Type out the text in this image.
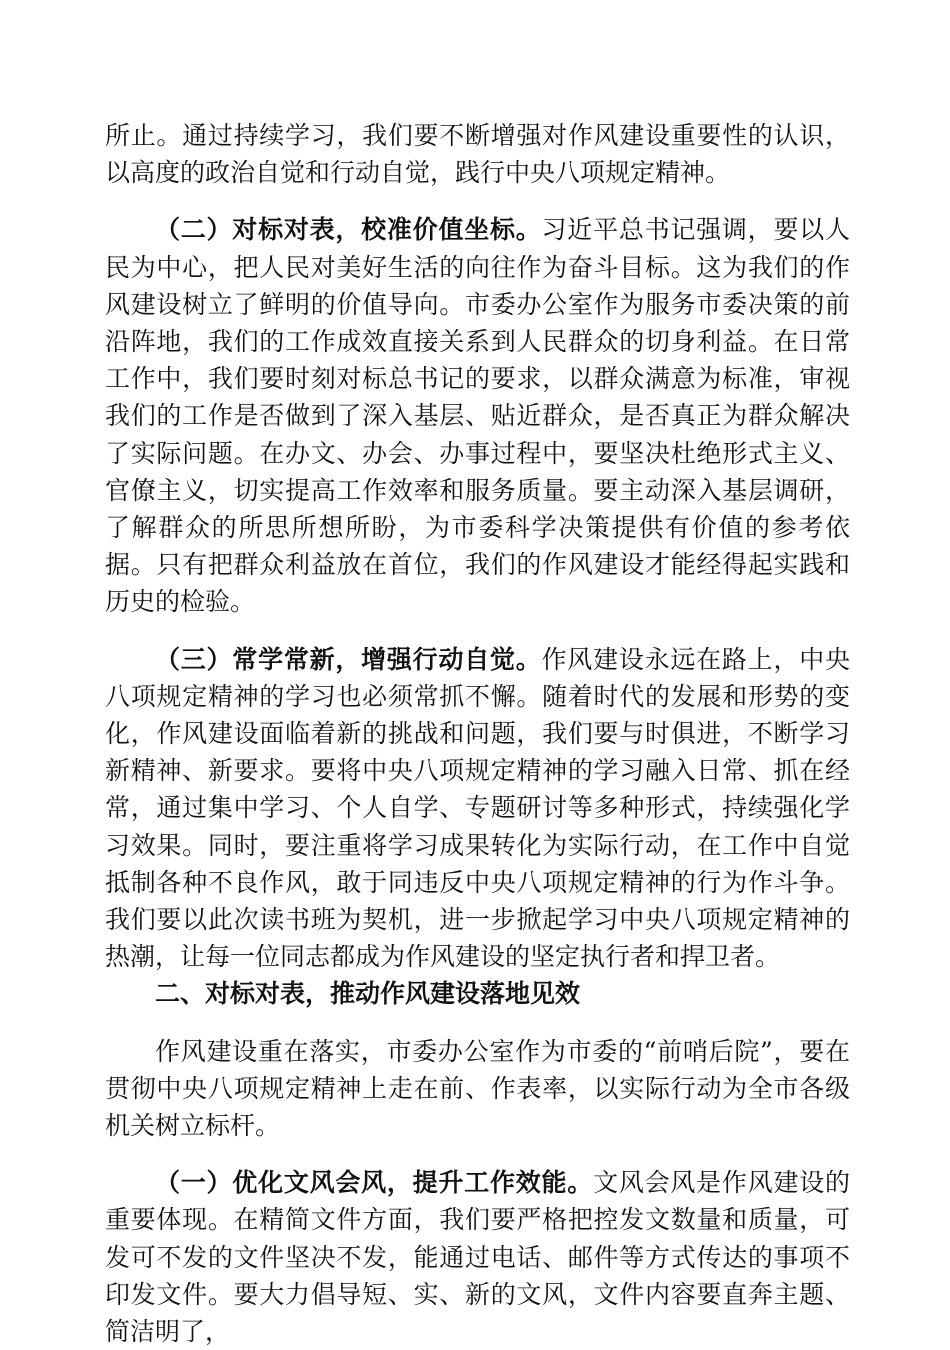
所止。通过持续学习，我们要不断增强对作风建设重要性的认识，以高度的政治自觉和行动自觉，践行中央八项规定精神。

（二）对标对表，校准价值坐标。习近平总书记强调，要以人民为中心，把人民对美好生活的向往作为奋斗目标。这为我们的作风建设树立了鲜明的价值导向。市委办公室作为服务市委决策的前沿阵地，我们的工作成效直接关系到人民群众的切身利益。在日常工作中，我们要时刻对标总书记的要求，以群众满意为标准，审视我们的工作是否做到了深入基层、贴近群众，是否真正为群众解决了实际问题。在办文、办会、办事过程中，要坚决杜绝形式主义、官僚主义，切实提高工作效率和服务质量。要主动深入基层调研，了解群众的所思所想所盼，为市委科学决策提供有价值的参考依据。只有把群众利益放在首位，我们的作风建设才能经得起实践和历史的检验。

（三）常学常新，增强行动自觉。作风建设永远在路上，中央八项规定精神的学习也必须常抓不懈。随着时代的发展和形势的变化，作风建设面临着新的挑战和问题，我们要与时俱进，不断学习新精神、新要求。要将中央八项规定精神的学习融入日常、抓在经常，通过集中学习、个人自学、专题研讨等多种形式，持续强化学习效果。同时，要注重将学习成果转化为实际行动，在工作中自觉抵制各种不良作风，敢于同违反中央八项规定精神的行为作斗争。我们要以此次读书班为契机，进一步掀起学习中央八项规定精神的热潮，让每一位同志都成为作风建设的坚定执行者和捍卫者。

二、对标对表，推动作风建设落地见效

作风建设重在落实，市委办公室作为市委的“前哨后院”，要在贯彻中央八项规定精神上走在前、作表率，以实际行动为全市各级机关树立标杆。

（一）优化文风会风，提升工作效能。文风会风是作风建设的重要体现。在精简文件方面，我们要严格把控发文数量和质量，可发可不发的文件坚决不发，能通过电话、邮件等方式传达的事项不印发文件。要大力倡导短、实、新的文风，文件内容要直奔主题、简洁明了，
